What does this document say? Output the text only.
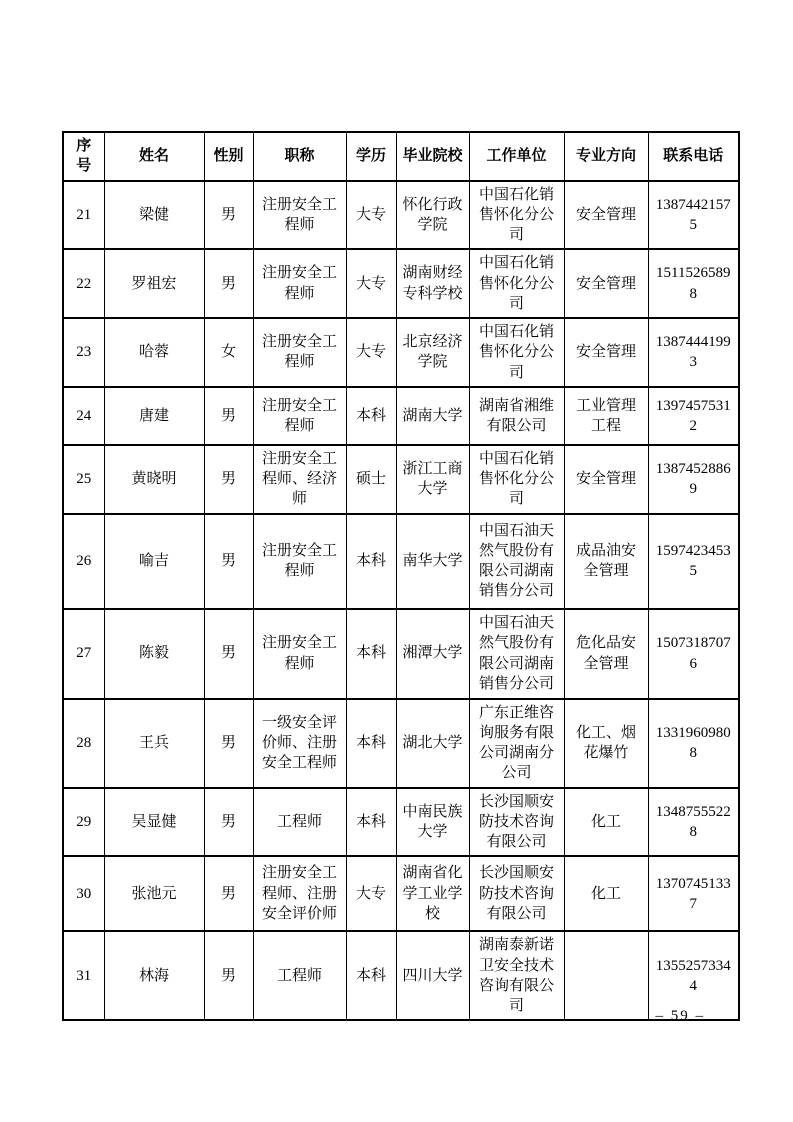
序号	姓名	性别	职称	学历	毕业院校	工作单位	专业方向	联系电话
21	梁健	男	注册安全工程师	大专	怀化行政学院	中国石化销售怀化分公司	安全管理	13874421575
22	罗祖宏	男	注册安全工程师	大专	湖南财经专科学校	中国石化销售怀化分公司	安全管理	15115265898
23	哈蓉	女	注册安全工程师	大专	北京经济学院	中国石化销售怀化分公司	安全管理	13874441993
24	唐建	男	注册安全工程师	本科	湖南大学	湖南省湘维有限公司	工业管理工程	13974575312
25	黄晓明	男	注册安全工程师、经济师	硕士	浙江工商大学	中国石化销售怀化分公司	安全管理	13874528869
26	喻吉	男	注册安全工程师	本科	南华大学	中国石油天然气股份有限公司湖南销售分公司	成品油安全管理	15974234535
27	陈毅	男	注册安全工程师	本科	湘潭大学	中国石油天然气股份有限公司湖南销售分公司	危化品安全管理	15073187076
28	王兵	男	一级安全评价师、注册安全工程师	本科	湖北大学	广东正维咨询服务有限公司湖南分公司	化工、烟花爆竹	13319609808
29	吴显健	男	工程师	本科	中南民族大学	长沙国顺安防技术咨询有限公司	化工	13487555228
30	张池元	男	注册安全工程师、注册安全评价师	大专	湖南省化学工业学校	长沙国顺安防技术咨询有限公司	化工	13707451337
31	林海	男	工程师	本科	四川大学	湖南泰新诺卫安全技术咨询有限公司		13552573344
– 59 –
